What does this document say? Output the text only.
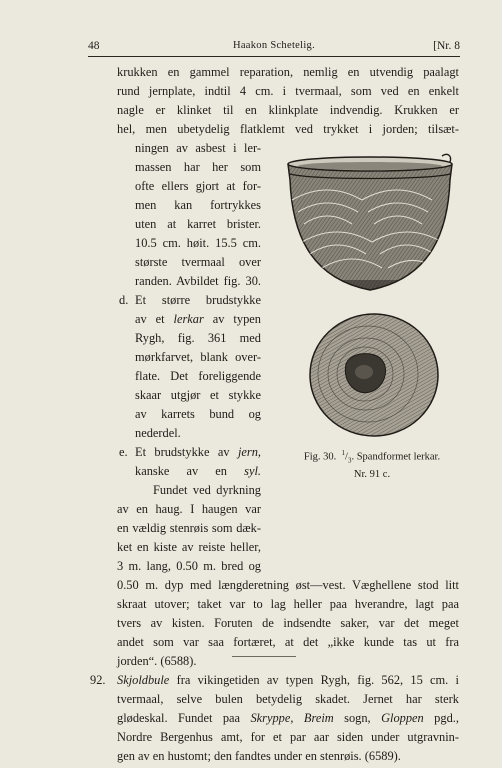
48	Haakon Schetelig.	[Nr. 8
krukken en gammel reparation, nemlig en utvendig paalagt
rund jernplate, indtil 4 cm. i tvermaal, som ved en enkelt
nagle er klinket til en klinkplate indvendig. Krukken er
hel, men ubetydelig flatklemt ved trykket i jorden; tilsæt-
ningen av asbest i ler-
massen har her som
ofte ellers gjort at for-
men kan fortrykkes
uten at karret brister.
10.5 cm. høit. 15.5 cm.
største tvermaal over
randen. Avbildet fig. 30.
d. Et større brudstykke
av et lerkar av typen
Rygh, fig. 361 med
mørkfarvet, blank over-
flate. Det foreliggende
skaar utgjør et stykke
av karrets bund og
nederdel.
e. Et brudstykke av jern,
kanske av en syl.
Fundet ved dyrkning
av en haug. I haugen var
en vældig stenrøis som dæk-
ket en kiste av reiste heller,
3 m. lang, 0.50 m. bred og
0.50 m. dyp med længderetning øst—vest. Væghellene stod litt
skraat utover; taket var to lag heller paa hverandre, lagt paa
tvers av kisten. Foruten de indsendte saker, var det meget
andet som var saa fortæret, at det „ikke kunde tas ut fra
jorden“. (6588).
92. Skjoldbule fra vikingetiden av typen Rygh, fig. 562, 15 cm. i
tvermaal, selve bulen betydelig skadet. Jernet har sterk
glødeskal. Fundet paa Skryppe, Breim sogn, Gloppen pgd.,
Nordre Bergenhus amt, for et par aar siden under utgravnin-
gen av en hustomt; den fandtes under en stenrøis. (6589).
Fig. 30. $^1/_3$. Spandformet lerkar.
Nr. 91 c.
